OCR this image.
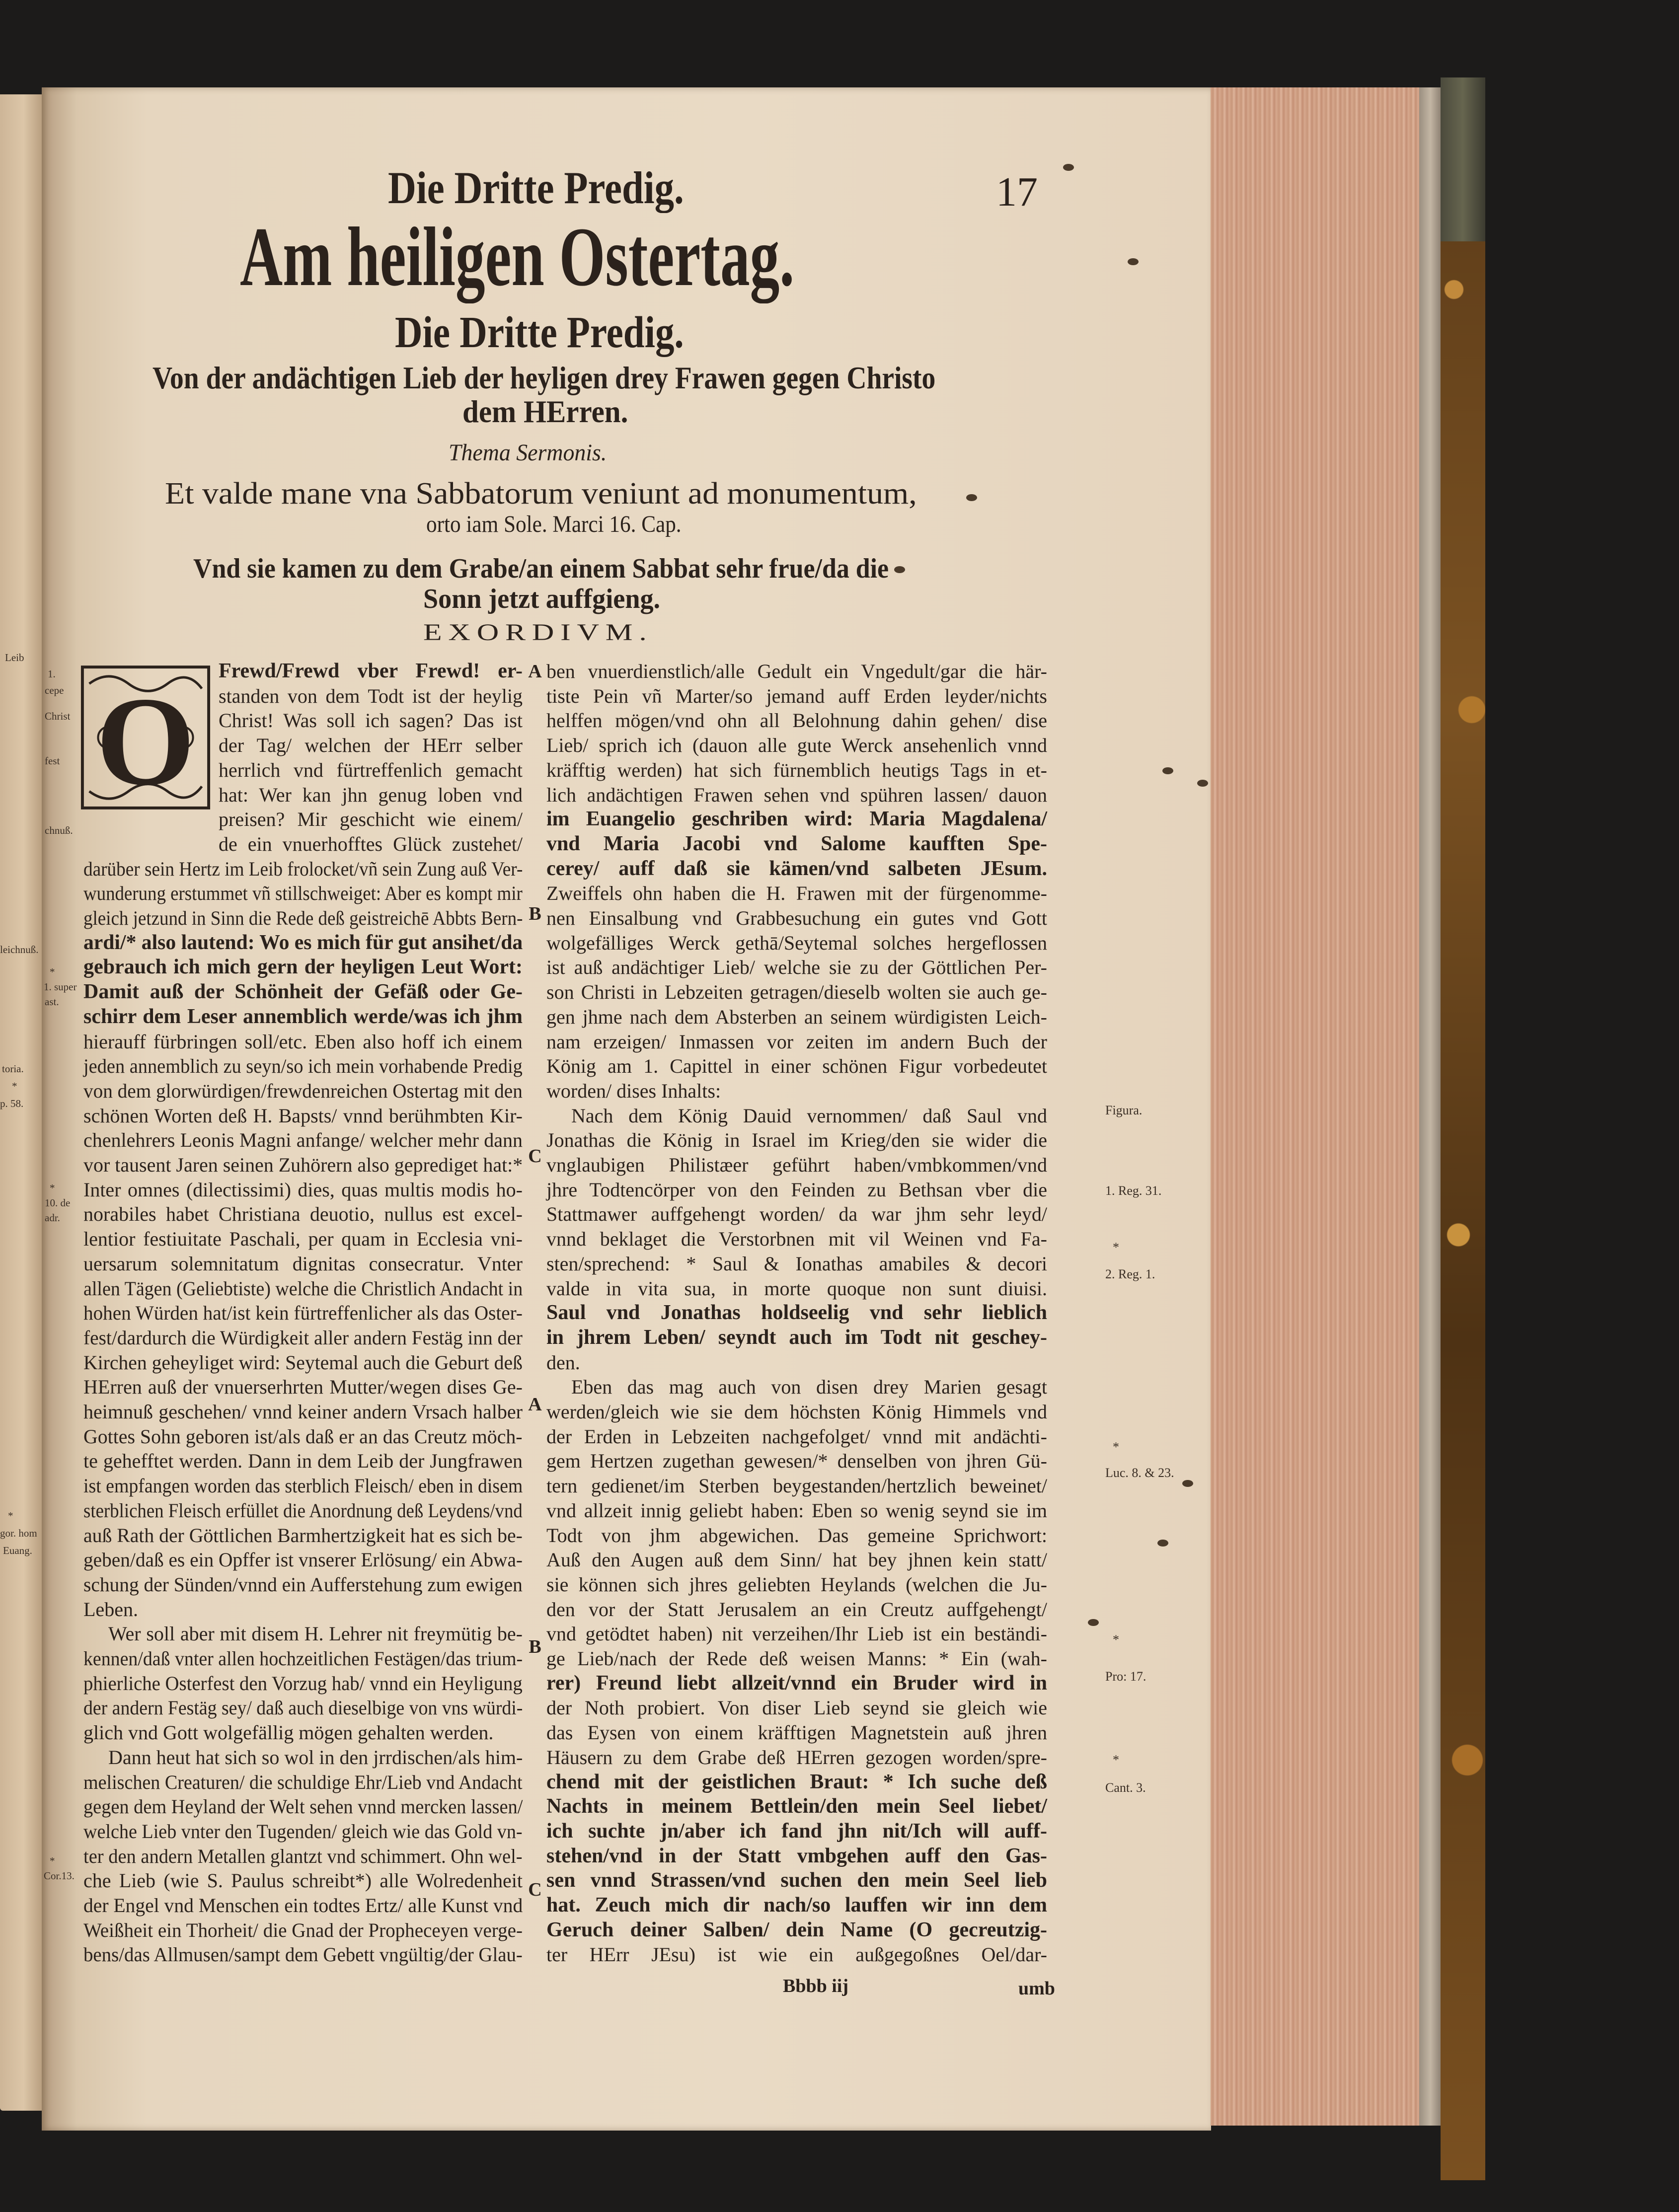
Die Dritte Predig.	17
Am heiligen Ostertag.
Die Dritte Predig.
Von der andächtigen Lieb der heyligen drey Frawen gegen Christo
dem HErren.
Thema Sermonis.
Et valde mane vna Sabbatorum veniunt ad monumentum,
orto iam Sole. Marci 16. Cap.
Vnd sie kamen zu dem Grabe/an einem Sabbat sehr frue/da die
Sonn jetzt auffgieng.
EXORDIVM.
O
Bbbb iij	umb
Frewd/Frewd vber Frewd! er-
standen von dem Todt ist der heylig
Christ! Was soll ich sagen? Das ist
der Tag/ welchen der HErr selber
herrlich vnd fürtreffenlich gemacht
hat: Wer kan jhn genug loben vnd
preisen? Mir geschicht wie einem/
de ein vnuerhofftes Glück zustehet/
darüber sein Hertz im Leib frolocket/vñ sein Zung auß Ver-
wunderung erstummet vñ stillschweiget: Aber es kompt mir
gleich jetzund in Sinn die Rede deß geistreichē Abbts Bern-
ardi/* also lautend: Wo es mich für gut ansihet/da
gebrauch ich mich gern der heyligen Leut Wort:
Damit auß der Schönheit der Gefäß oder Ge-
schirr dem Leser annemblich werde/was ich jhm
hierauff fürbringen soll/etc. Eben also hoff ich einem
jeden annemblich zu seyn/so ich mein vorhabende Predig
von dem glorwürdigen/frewdenreichen Ostertag mit den
schönen Worten deß H. Bapsts/ vnnd berühmbten Kir-
chenlehrers Leonis Magni anfange/ welcher mehr dann
vor tausent Jaren seinen Zuhörern also geprediget hat:*
Inter omnes (dilectissimi) dies, quas multis modis ho-
norabiles habet Christiana deuotio, nullus est excel-
lentior festiuitate Paschali, per quam in Ecclesia vni-
uersarum solemnitatum dignitas consecratur. Vnter
allen Tägen (Geliebtiste) welche die Christlich Andacht in
hohen Würden hat/ist kein fürtreffenlicher als das Oster-
fest/dardurch die Würdigkeit aller andern Festäg inn der
Kirchen geheyliget wird: Seytemal auch die Geburt deß
HErren auß der vnuerserhrten Mutter/wegen dises Ge-
heimnuß geschehen/ vnnd keiner andern Vrsach halber
Gottes Sohn geboren ist/als daß er an das Creutz möch-
te gehefftet werden. Dann in dem Leib der Jungfrawen
ist empfangen worden das sterblich Fleisch/ eben in disem
sterblichen Fleisch erfüllet die Anordnung deß Leydens/vnd
auß Rath der Göttlichen Barmhertzigkeit hat es sich be-
geben/daß es ein Opffer ist vnserer Erlösung/ ein Abwa-
schung der Sünden/vnnd ein Aufferstehung zum ewigen
Leben.
Wer soll aber mit disem H. Lehrer nit freymütig be-
kennen/daß vnter allen hochzeitlichen Festägen/das trium-
phierliche Osterfest den Vorzug hab/ vnnd ein Heyligung
der andern Festäg sey/ daß auch dieselbige von vns würdi-
glich vnd Gott wolgefällig mögen gehalten werden.
Dann heut hat sich so wol in den jrrdischen/als him-
melischen Creaturen/ die schuldige Ehr/Lieb vnd Andacht
gegen dem Heyland der Welt sehen vnnd mercken lassen/
welche Lieb vnter den Tugenden/ gleich wie das Gold vn-
ter den andern Metallen glantzt vnd schimmert. Ohn wel-
che Lieb (wie S. Paulus schreibt*) alle Wolredenheit
der Engel vnd Menschen ein todtes Ertz/ alle Kunst vnd
Weißheit ein Thorheit/ die Gnad der Propheceyen verge-
bens/das Allmusen/sampt dem Gebett vngültig/der Glau-
ben vnuerdienstlich/alle Gedult ein Vngedult/gar die här-
tiste Pein vñ Marter/so jemand auff Erden leyder/nichts
helffen mögen/vnd ohn all Belohnung dahin gehen/ dise
Lieb/ sprich ich (dauon alle gute Werck ansehenlich vnnd
kräfftig werden) hat sich fürnemblich heutigs Tags in et-
lich andächtigen Frawen sehen vnd spühren lassen/ dauon
im Euangelio geschriben wird: Maria Magdalena/
vnd Maria Jacobi vnd Salome kaufften Spe-
cerey/ auff daß sie kämen/vnd salbeten JEsum.
Zweiffels ohn haben die H. Frawen mit der fürgenomme-
nen Einsalbung vnd Grabbesuchung ein gutes vnd Gott
wolgefälliges Werck gethā/Seytemal solches hergeflossen
ist auß andächtiger Lieb/ welche sie zu der Göttlichen Per-
son Christi in Lebzeiten getragen/dieselb wolten sie auch ge-
gen jhme nach dem Absterben an seinem würdigisten Leich-
nam erzeigen/ Inmassen vor zeiten im andern Buch der
König am 1. Capittel in einer schönen Figur vorbedeutet
worden/ dises Inhalts:
Nach dem König Dauid vernommen/ daß Saul vnd
Jonathas die König in Israel im Krieg/den sie wider die
vnglaubigen Philistæer geführt haben/vmbkommen/vnd
jhre Todtencörper von den Feinden zu Bethsan vber die
Stattmawer auffgehengt worden/ da war jhm sehr leyd/
vnnd beklaget die Verstorbnen mit vil Weinen vnd Fa-
sten/sprechend: * Saul & Ionathas amabiles & decori
valde in vita sua, in morte quoque non sunt diuisi.
Saul vnd Jonathas holdseelig vnd sehr lieblich
in jhrem Leben/ seyndt auch im Todt nit geschey-
den.
Eben das mag auch von disen drey Marien gesagt
werden/gleich wie sie dem höchsten König Himmels vnd
der Erden in Lebzeiten nachgefolget/ vnnd mit andächti-
gem Hertzen zugethan gewesen/* denselben von jhren Gü-
tern gedienet/im Sterben beygestanden/hertzlich beweinet/
vnd allzeit innig geliebt haben: Eben so wenig seynd sie im
Todt von jhm abgewichen. Das gemeine Sprichwort:
Auß den Augen auß dem Sinn/ hat bey jhnen kein statt/
sie können sich jhres geliebten Heylands (welchen die Ju-
den vor der Statt Jerusalem an ein Creutz auffgehengt/
vnd getödtet haben) nit verzeihen/Ihr Lieb ist ein beständi-
ge Lieb/nach der Rede deß weisen Manns: * Ein (wah-
rer) Freund liebt allzeit/vnnd ein Bruder wird in
der Noth probiert. Von diser Lieb seynd sie gleich wie
das Eysen von einem kräfftigen Magnetstein auß jhren
Häusern zu dem Grabe deß HErren gezogen worden/spre-
chend mit der geistlichen Braut: * Ich suche deß
Nachts in meinem Bettlein/den mein Seel liebet/
ich suchte jn/aber ich fand jhn nit/Ich will auff-
stehen/vnd in der Statt vmbgehen auff den Gas-
sen vnnd Strassen/vnd suchen den mein Seel lieb
hat. Zeuch mich dir nach/so lauffen wir inn dem
Geruch deiner Salben/ dein Name (O gecreutzig-
ter HErr JEsu) ist wie ein außgegoßnes Oel/dar-
A
B
C
A
B
C
Figura.
1. Reg. 31.
*
2. Reg. 1.
*
Luc. 8. & 23.
*
Pro: 17.
*
Cant. 3.
1.
cepe
Christ
fest
chnuß.
*
1. super
ast.
*
10. de
adr.
*
Cor.13.
Leib
leichnuß.
toria.
*
p. 58.
*
gor. hom
Euang.
